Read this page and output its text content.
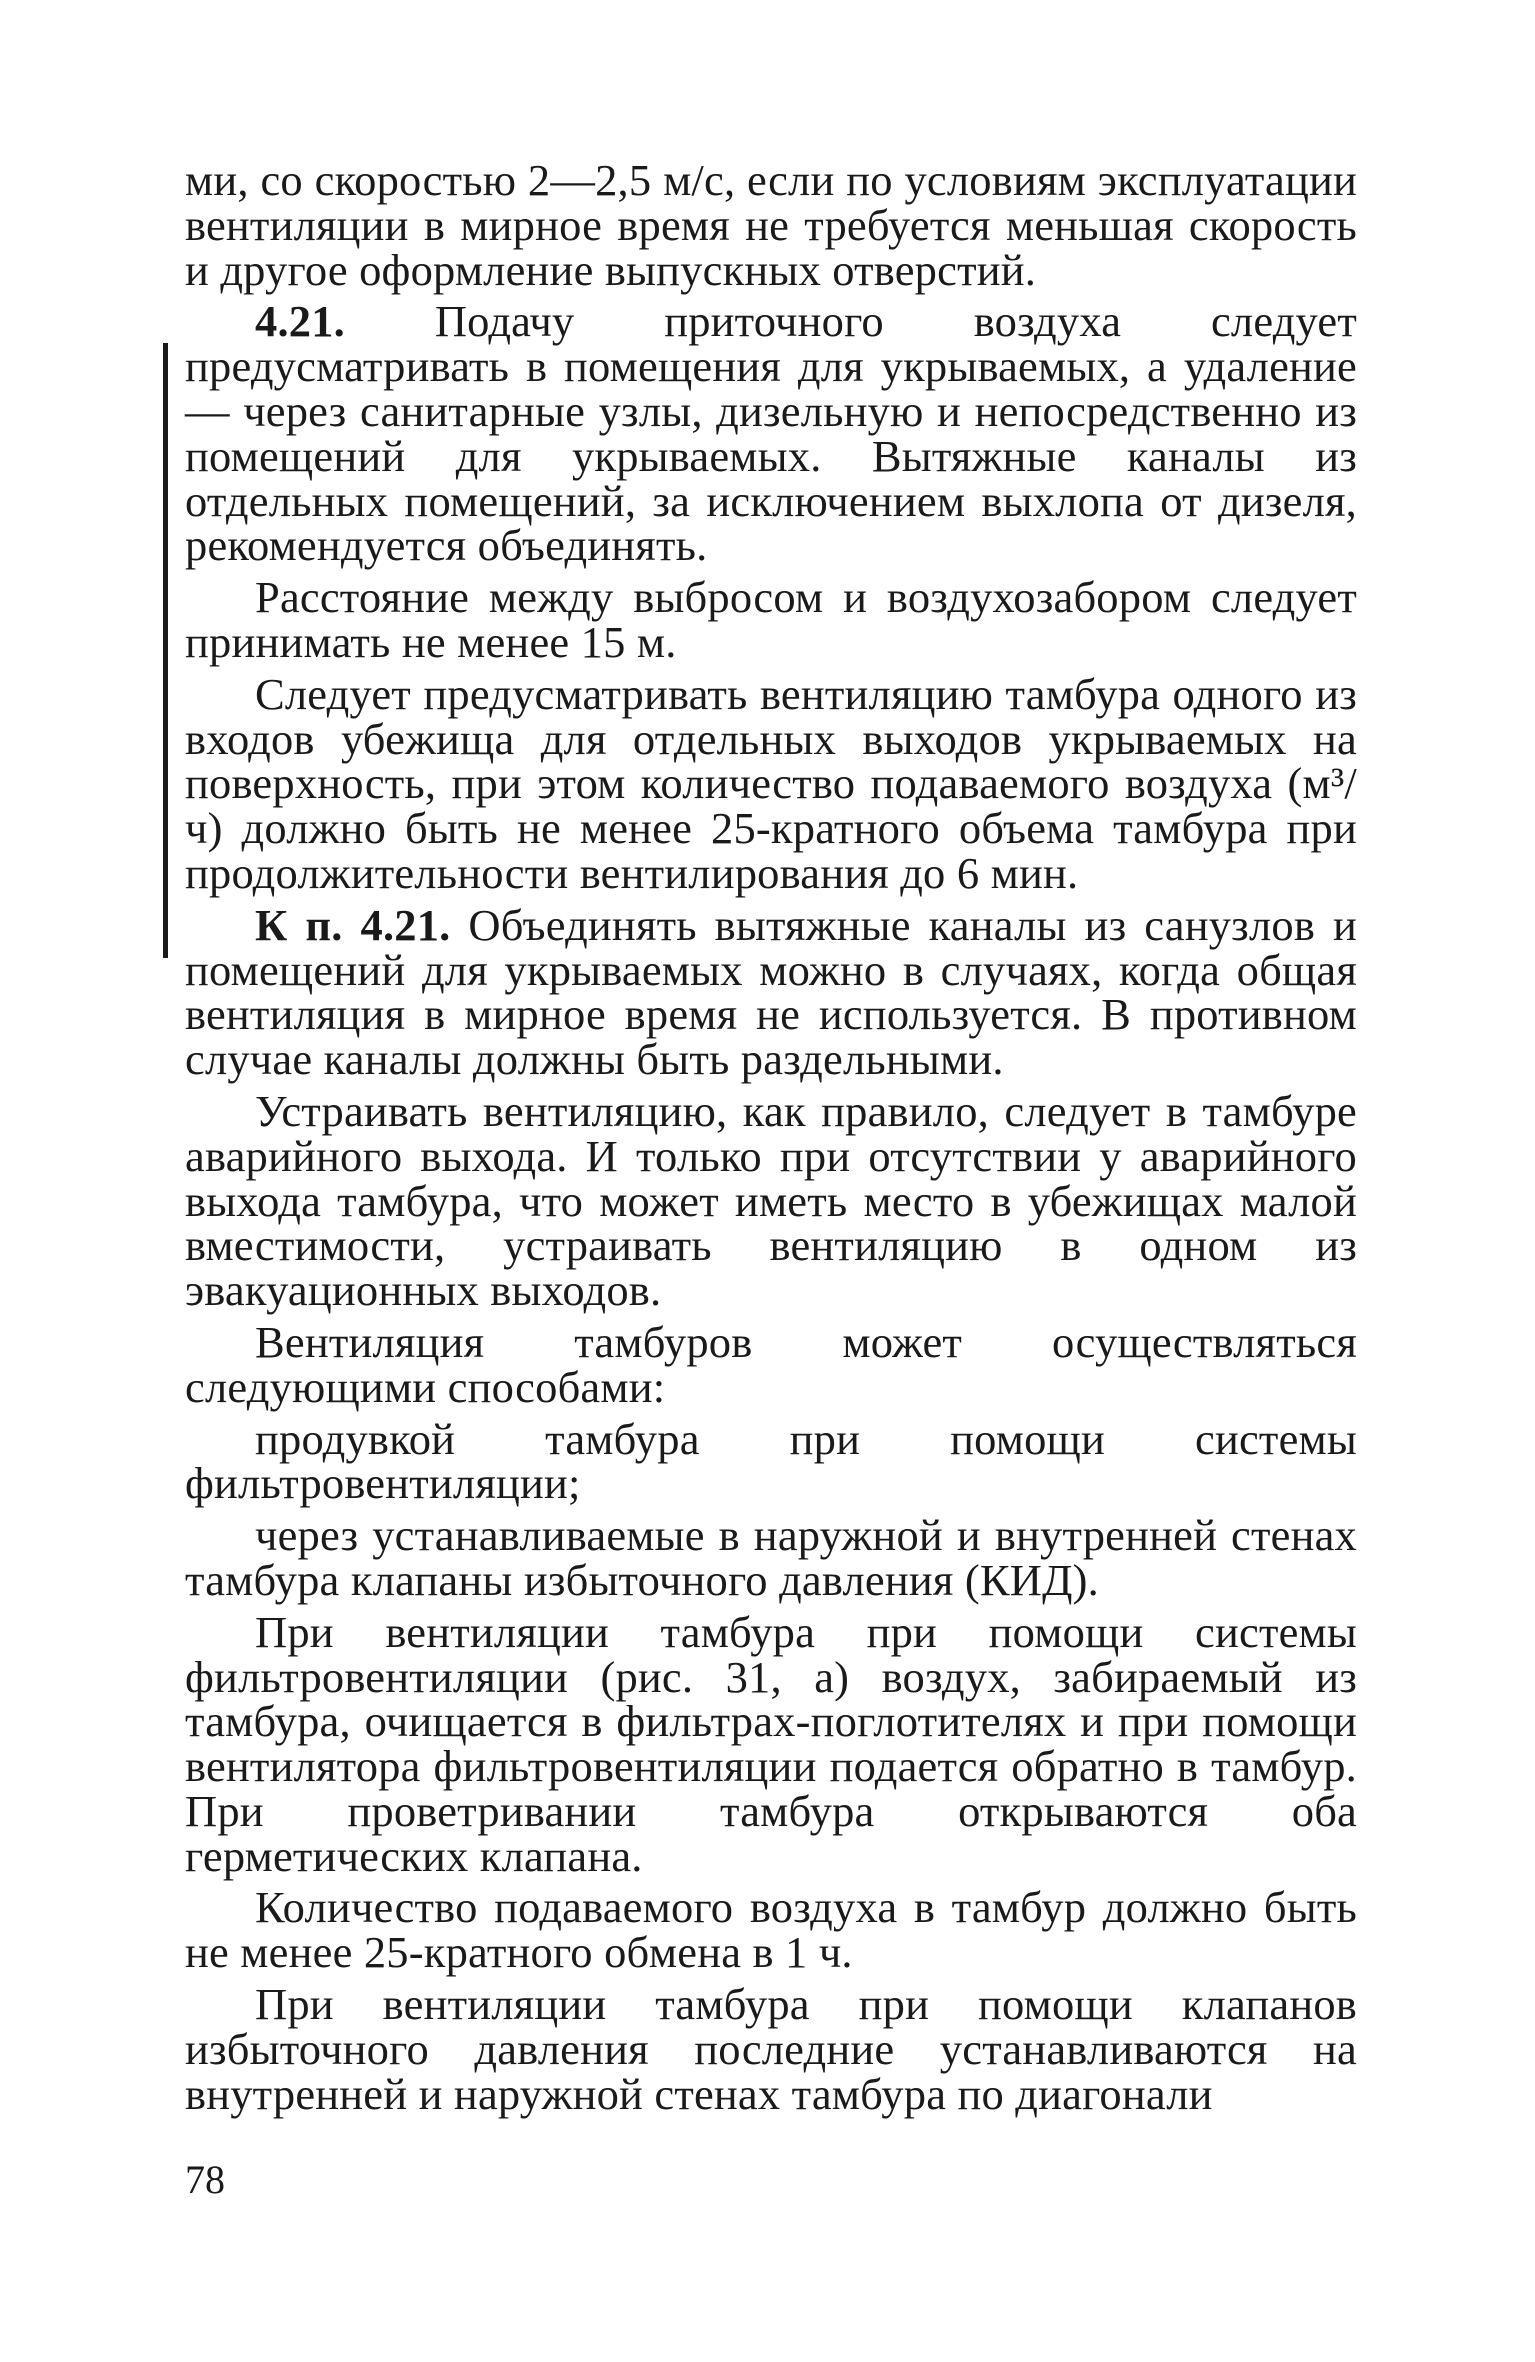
ми, со скоростью 2—2,5 м/с, если по условиям эксплуатации вентиляции в мирное время не требуется меньшая скорость и другое оформление выпускных отверстий.

4.21. Подачу приточного воздуха следует предусматривать в помещения для укрываемых, а удаление — через санитарные узлы, дизельную и непосредственно из помещений для укрываемых. Вытяжные каналы из отдельных помещений, за исключением выхлопа от дизеля, рекомендуется объединять.

Расстояние между выбросом и воздухозабором следует принимать не менее 15 м.

Следует предусматривать вентиляцию тамбура одного из входов убежища для отдельных выходов укрываемых на поверхность, при этом количество подаваемого воздуха (м³/ч) должно быть не менее 25-кратного объема тамбура при продолжительности вентилирования до 6 мин.

К п. 4.21. Объединять вытяжные каналы из санузлов и помещений для укрываемых можно в случаях, когда общая вентиляция в мирное время не используется. В противном случае каналы должны быть раздельными.

Устраивать вентиляцию, как правило, следует в тамбуре аварийного выхода. И только при отсутствии у аварийного выхода тамбура, что может иметь место в убежищах малой вместимости, устраивать вентиляцию в одном из эвакуационных выходов.

Вентиляция тамбуров может осуществляться следующими способами:

продувкой тамбура при помощи системы фильтровентиляции;

через устанавливаемые в наружной и внутренней стенах тамбура клапаны избыточного давления (КИД).

При вентиляции тамбура при помощи системы фильтровентиляции (рис. 31, а) воздух, забираемый из тамбура, очищается в фильтрах-поглотителях и при помощи вентилятора фильтровентиляции подается обратно в тамбур. При проветривании тамбура открываются оба герметических клапана.

Количество подаваемого воздуха в тамбур должно быть не менее 25-кратного обмена в 1 ч.

При вентиляции тамбура при помощи клапанов избыточного давления последние устанавливаются на внутренней и наружной стенах тамбура по диагонали

78
